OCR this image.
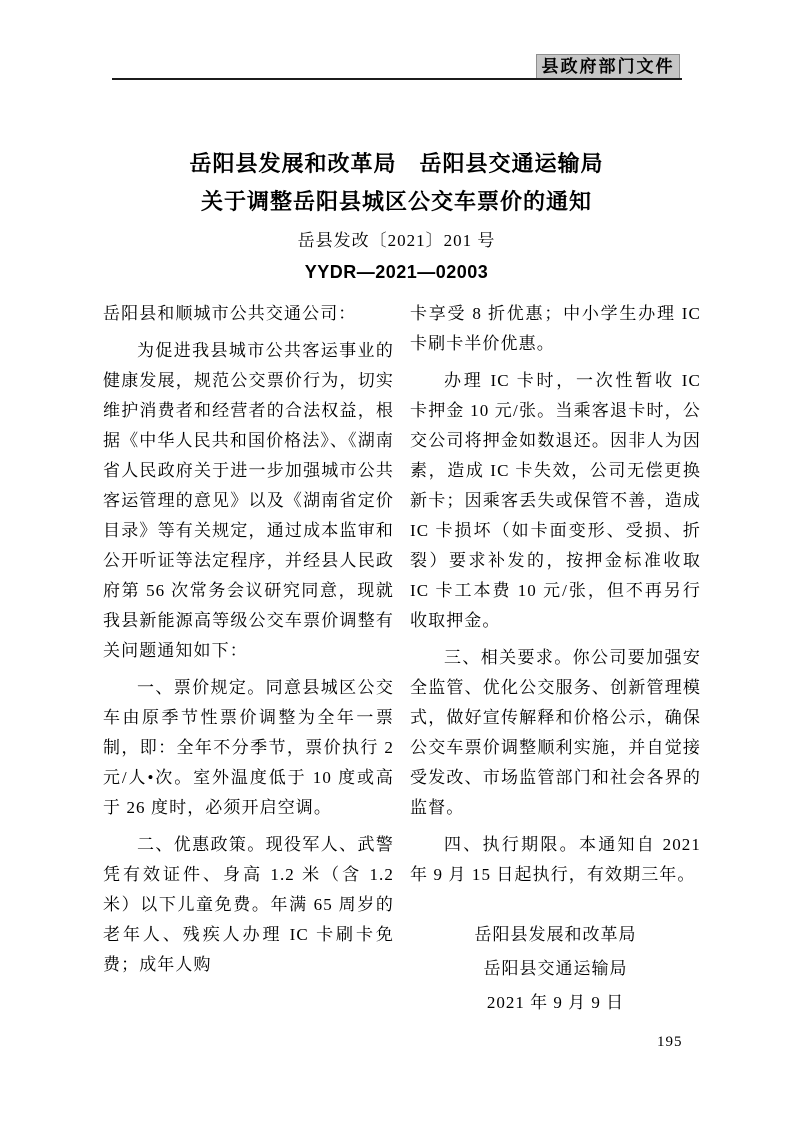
县政府部门文件
岳阳县发展和改革局　岳阳县交通运输局
关于调整岳阳县城区公交车票价的通知
岳县发改〔2021〕201 号
YYDR—2021—02003

岳阳县和顺城市公共交通公司：

为促进我县城市公共客运事业的健康发展，规范公交票价行为，切实维护消费者和经营者的合法权益，根据《中华人民共和国价格法》、《湖南省人民政府关于进一步加强城市公共客运管理的意见》以及《湖南省定价目录》等有关规定，通过成本监审和公开听证等法定程序，并经县人民政府第 56 次常务会议研究同意，现就我县新能源高等级公交车票价调整有关问题通知如下：

一、票价规定。同意县城区公交车由原季节性票价调整为全年一票制，即：全年不分季节，票价执行 2 元/人•次。室外温度低于 10 度或高于 26 度时，必须开启空调。

二、优惠政策。现役军人、武警凭有效证件、身高 1.2 米（含 1.2 米）以下儿童免费。年满 65 周岁的老年人、残疾人办理 IC 卡刷卡免费；成年人购

卡享受 8 折优惠；中小学生办理 IC 卡刷卡半价优惠。

办理 IC 卡时，一次性暂收 IC 卡押金 10 元/张。当乘客退卡时，公交公司将押金如数退还。因非人为因素，造成 IC 卡失效，公司无偿更换新卡；因乘客丢失或保管不善，造成 IC 卡损坏（如卡面变形、受损、折裂）要求补发的，按押金标准收取 IC 卡工本费 10 元/张，但不再另行收取押金。

三、相关要求。你公司要加强安全监管、优化公交服务、创新管理模式，做好宣传解释和价格公示，确保公交车票价调整顺利实施，并自觉接受发改、市场监管部门和社会各界的监督。

四、执行期限。本通知自 2021 年 9 月 15 日起执行，有效期三年。

岳阳县发展和改革局
岳阳县交通运输局
2021 年 9 月 9 日
195
